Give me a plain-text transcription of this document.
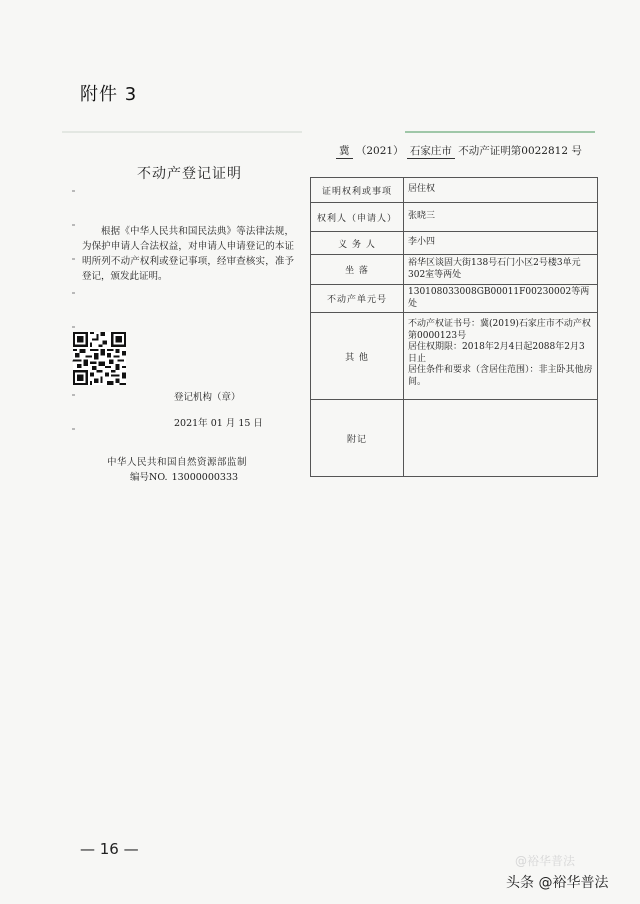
附件 3
冀 （2021） 石家庄市 不动产证明第0022812 号
不动产登记证明
根据《中华人民共和国民法典》等法律法规，为保护申请人合法权益，对申请人申请登记的本证明所列不动产权利或登记事项，经审查核实，准予登记，颁发此证明。
登记机构（章）
2021年 01 月 15 日
中华人民共和国自然资源部监制
编号NO. 13000000333
证明权利或事项	居住权
权利人（申请人）	张晓三
义 务 人	李小四
坐 落	裕华区谈固大街138号石门小区2号楼3单元302室等两处
不动产单元号	130108033008GB00011F00230002等两处
其 他	不动产权证书号：冀(2019)石家庄市不动产权第0000123号
居住权期限：2018年2月4日起2088年2月3日止
居住条件和要求（含居住范围）：非主卧其他房间。

附记	
— 16 —
@裕华普法
头条 @裕华普法
